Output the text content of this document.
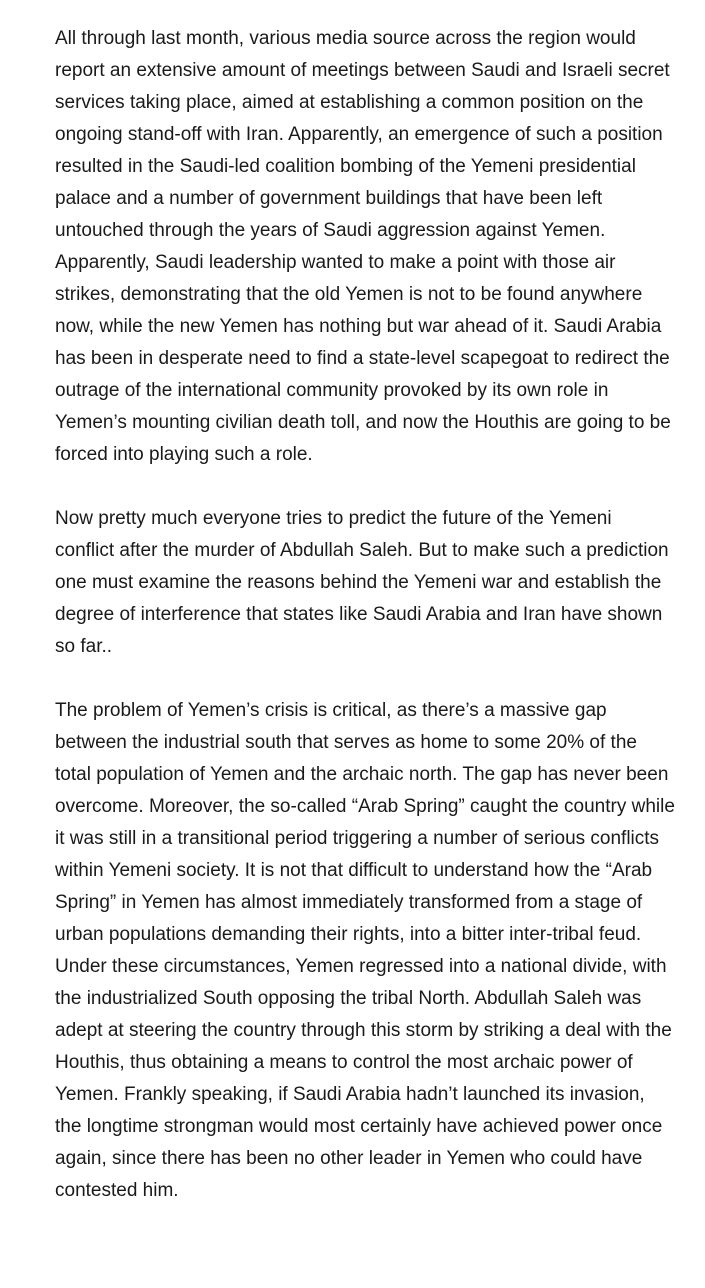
All through last month, various media source across the region would report an extensive amount of meetings between Saudi and Israeli secret services taking place, aimed at establishing a common position on the ongoing stand-off with Iran. Apparently, an emergence of such a position resulted in the Saudi-led coalition bombing of the Yemeni presidential palace and a number of government buildings that have been left untouched through the years of Saudi aggression against Yemen. Apparently, Saudi leadership wanted to make a point with those air strikes, demonstrating that the old Yemen is not to be found anywhere now, while the new Yemen has nothing but war ahead of it. Saudi Arabia has been in desperate need to find a state-level scapegoat to redirect the outrage of the international community provoked by its own role in Yemen’s mounting civilian death toll, and now the Houthis are going to be forced into playing such a role.

Now pretty much everyone tries to predict the future of the Yemeni conflict after the murder of Abdullah Saleh. But to make such a prediction one must examine the reasons behind the Yemeni war and establish the degree of interference that states like Saudi Arabia and Iran have shown so far..

The problem of Yemen’s crisis is critical, as there’s a massive gap between the industrial south that serves as home to some 20% of the total population of Yemen and the archaic north. The gap has never been overcome. Moreover, the so-called “Arab Spring” caught the country while it was still in a transitional period triggering a number of serious conflicts within Yemeni society. It is not that difficult to understand how the “Arab Spring” in Yemen has almost immediately transformed from a stage of urban populations demanding their rights, into a bitter inter-tribal feud. Under these circumstances, Yemen regressed into a national divide, with the industrialized South opposing the tribal North. Abdullah Saleh was adept at steering the country through this storm by striking a deal with the Houthis, thus obtaining a means to control the most archaic power of Yemen. Frankly speaking, if Saudi Arabia hadn’t launched its invasion, the longtime strongman would most certainly have achieved power once again, since there has been no other leader in Yemen who could have contested him.
